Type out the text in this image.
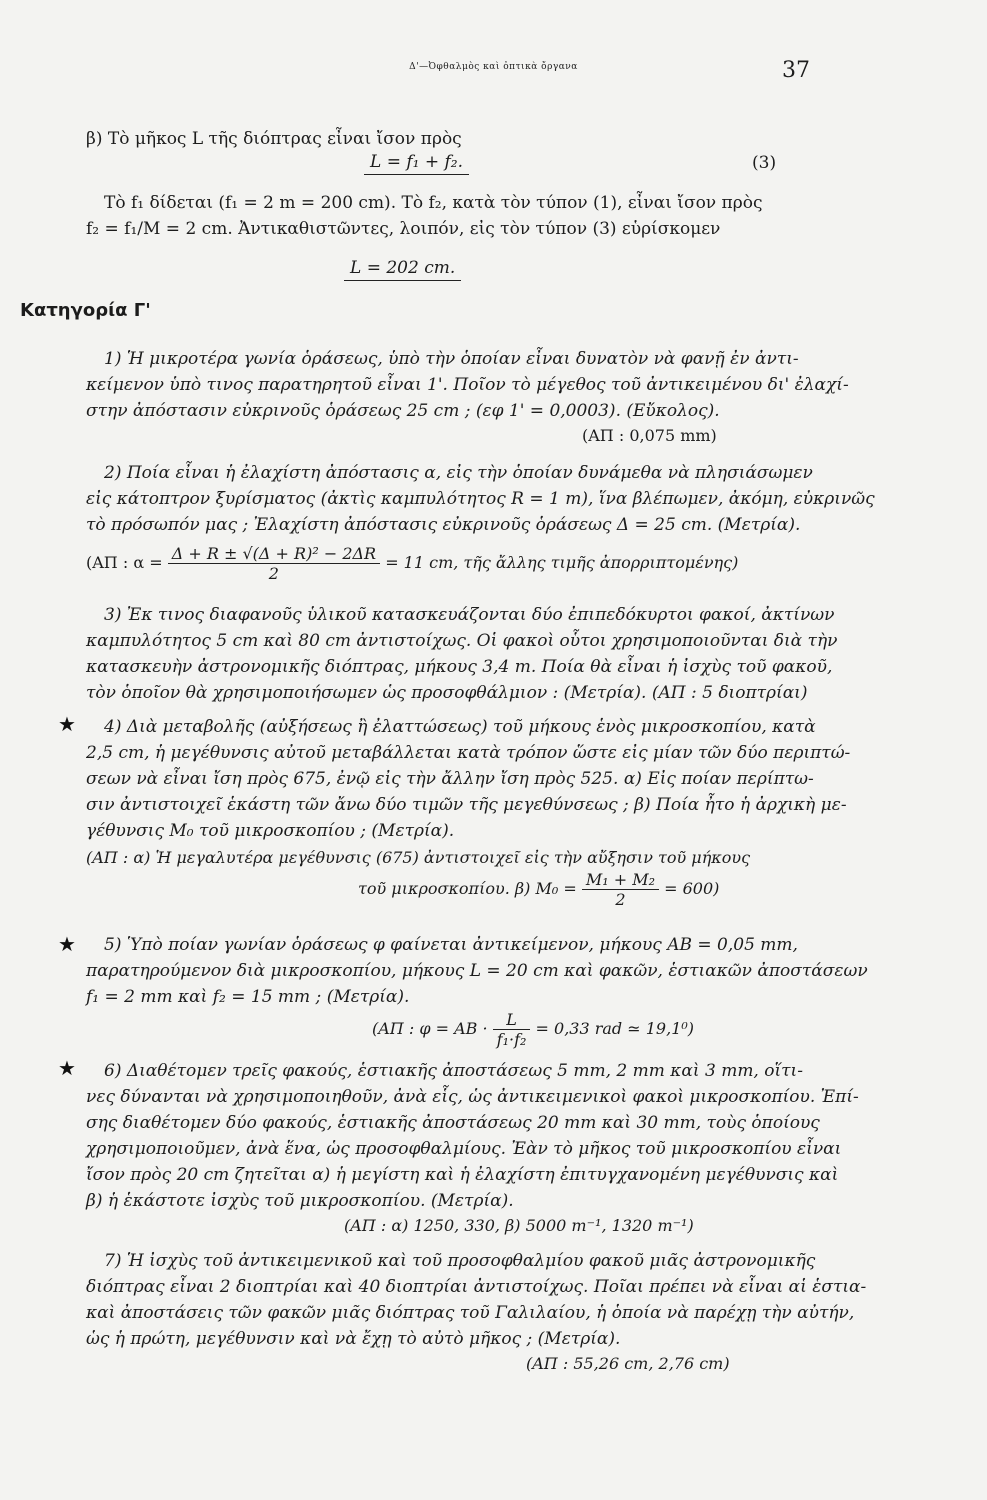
Δ'—Ὀφθαλμὸς καὶ ὀπτικὰ ὄργανα	37
β) Τὸ μῆκος L τῆς διόπτρας εἶναι ἴσον πρὸς
L = f₁ + f₂.	(3)
Τὸ f₁ δίδεται (f₁ = 2 m = 200 cm). Τὸ f₂, κατὰ τὸν τύπον (1), εἶναι ἴσον πρὸς
f₂ = f₁/M = 2 cm. Ἀντικαθιστῶντες, λοιπόν, εἰς τὸν τύπον (3) εὑρίσκομεν
L = 202 cm.
Κατηγορία Γ'
1) Ἡ μικροτέρα γωνία ὁράσεως, ὑπὸ τὴν ὁποίαν εἶναι δυνατὸν νὰ φανῇ ἐν ἀντι-
κείμενον ὑπὸ τινος παρατηρητοῦ εἶναι 1'. Ποῖον τὸ μέγεθος τοῦ ἀντικειμένου δι' ἐλαχί-
στην ἀπόστασιν εὐκρινοῦς ὁράσεως 25 cm ; (εφ 1' = 0,0003). (Εὔκολος).
(ΑΠ : 0,075 mm)
2) Ποία εἶναι ἡ ἐλαχίστη ἀπόστασις α, εἰς τὴν ὁποίαν δυνάμεθα νὰ πλησιάσωμεν
εἰς κάτοπτρον ξυρίσματος (ἀκτὶς καμπυλότητος R = 1 m), ἵνα βλέπωμεν, ἀκόμη, εὐκρινῶς
τὸ πρόσωπόν μας ; Ἐλαχίστη ἀπόστασις εὐκρινοῦς ὁράσεως Δ = 25 cm. (Μετρία).
(ΑΠ : $\alpha = \frac{\text{Δ + R ± √(Δ + R)² − 2ΔR}}{2} = 11$ cm, τῆς ἄλλης τιμῆς ἀπορριπτομένης)
3) Ἐκ τινος διαφανοῦς ὑλικοῦ κατασκευάζονται δύο ἐπιπεδόκυρτοι φακοί, ἀκτίνων
καμπυλότητος 5 cm καὶ 80 cm ἀντιστοίχως. Οἱ φακοὶ οὗτοι χρησιμοποιοῦνται διὰ τὴν
κατασκευὴν ἀστρονομικῆς διόπτρας, μήκους 3,4 m. Ποία θὰ εἶναι ἡ ἰσχὺς τοῦ φακοῦ,
τὸν ὁποῖον θὰ χρησιμοποιήσωμεν ὡς προσοφθάλμιον : (Μετρία). (ΑΠ : 5 διοπτρίαι)
★ 4) Διὰ μεταβολῆς (αὐξήσεως ἢ ἐλαττώσεως) τοῦ μήκους ἑνὸς μικροσκοπίου, κατὰ
2,5 cm, ἡ μεγέθυνσις αὐτοῦ μεταβάλλεται κατὰ τρόπον ὥστε εἰς μίαν τῶν δύο περιπτώ-
σεων νὰ εἶναι ἴση πρὸς 675, ἐνῷ εἰς τὴν ἄλλην ἴση πρὸς 525. α) Εἰς ποίαν περίπτω-
σιν ἀντιστοιχεῖ ἑκάστη τῶν ἄνω δύο τιμῶν τῆς μεγεθύνσεως ; β) Ποία ἦτο ἡ ἀρχικὴ με-
γέθυνσις M₀ τοῦ μικροσκοπίου ; (Μετρία).
(ΑΠ : α) Ἡ μεγαλυτέρα μεγέθυνσις (675) ἀντιστοιχεῖ εἰς τὴν αὔξησιν τοῦ μήκους
τοῦ μικροσκοπίου. β) $M_0 = \frac{\text{M₁ + M₂}}{2} = 600$)
★ 5) Ὑπὸ ποίαν γωνίαν ὁράσεως φ φαίνεται ἀντικείμενον, μήκους AB = 0,05 mm,
παρατηρούμενον διὰ μικροσκοπίου, μήκους L = 20 cm καὶ φακῶν, ἑστιακῶν ἀποστάσεων
f₁ = 2 mm καὶ f₂ = 15 mm ; (Μετρία).
(ΑΠ : φ = AB · $\frac{L}{\text{f₁·f₂}} = 0,33$ rad ≃ 19,1⁰)
★ 6) Διαθέτομεν τρεῖς φακούς, ἑστιακῆς ἀποστάσεως 5 mm, 2 mm καὶ 3 mm, οἵτι-
νες δύνανται νὰ χρησιμοποιηθοῦν, ἀνὰ εἷς, ὡς ἀντικειμενικοὶ φακοὶ μικροσκοπίου. Ἐπί-
σης διαθέτομεν δύο φακούς, ἑστιακῆς ἀποστάσεως 20 mm καὶ 30 mm, τοὺς ὁποίους
χρησιμοποιοῦμεν, ἀνὰ ἕνα, ὡς προσοφθαλμίους. Ἐὰν τὸ μῆκος τοῦ μικροσκοπίου εἶναι
ἴσον πρὸς 20 cm ζητεῖται α) ἡ μεγίστη καὶ ἡ ἐλαχίστη ἐπιτυγχανομένη μεγέθυνσις καὶ
β) ἡ ἑκάστοτε ἰσχὺς τοῦ μικροσκοπίου. (Μετρία).
(ΑΠ : α) 1250, 330, β) 5000 m⁻¹, 1320 m⁻¹)
7) Ἡ ἰσχὺς τοῦ ἀντικειμενικοῦ καὶ τοῦ προσοφθαλμίου φακοῦ μιᾶς ἀστρονομικῆς
διόπτρας εἶναι 2 διοπτρίαι καὶ 40 διοπτρίαι ἀντιστοίχως. Ποῖαι πρέπει νὰ εἶναι αἱ ἑστια-
καὶ ἀποστάσεις τῶν φακῶν μιᾶς διόπτρας τοῦ Γαλιλαίου, ἡ ὁποία νὰ παρέχῃ τὴν αὐτήν,
ὡς ἡ πρώτη, μεγέθυνσιν καὶ νὰ ἔχῃ τὸ αὐτὸ μῆκος ; (Μετρία).
(ΑΠ : 55,26 cm, 2,76 cm)
